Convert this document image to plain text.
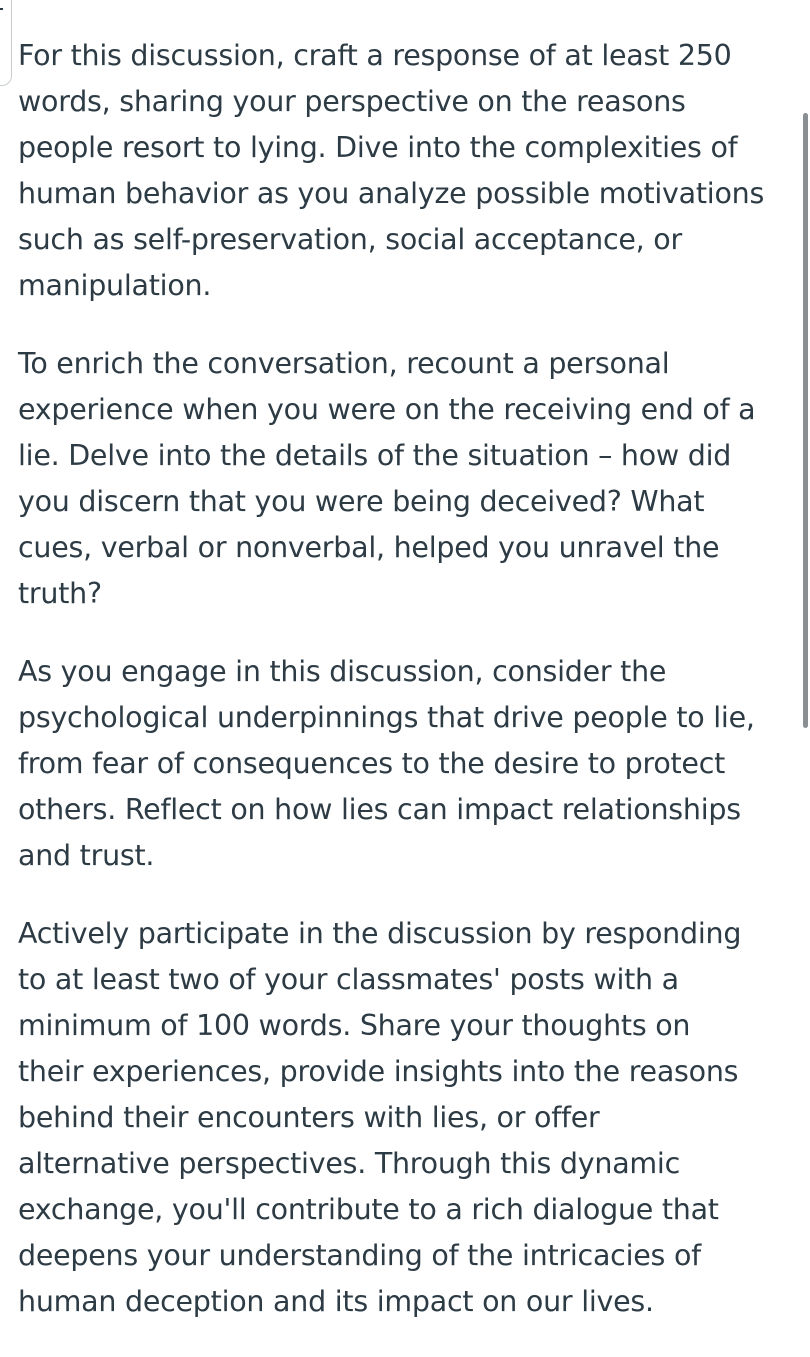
For this discussion, craft a response of at least 250
words, sharing your perspective on the reasons
people resort to lying. Dive into the complexities of
human behavior as you analyze possible motivations
such as self-preservation, social acceptance, or
manipulation.

To enrich the conversation, recount a personal
experience when you were on the receiving end of a
lie. Delve into the details of the situation – how did
you discern that you were being deceived? What
cues, verbal or nonverbal, helped you unravel the
truth?

As you engage in this discussion, consider the
psychological underpinnings that drive people to lie,
from fear of consequences to the desire to protect
others. Reflect on how lies can impact relationships
and trust.

Actively participate in the discussion by responding
to at least two of your classmates' posts with a
minimum of 100 words. Share your thoughts on
their experiences, provide insights into the reasons
behind their encounters with lies, or offer
alternative perspectives. Through this dynamic
exchange, you'll contribute to a rich dialogue that
deepens your understanding of the intricacies of
human deception and its impact on our lives.
